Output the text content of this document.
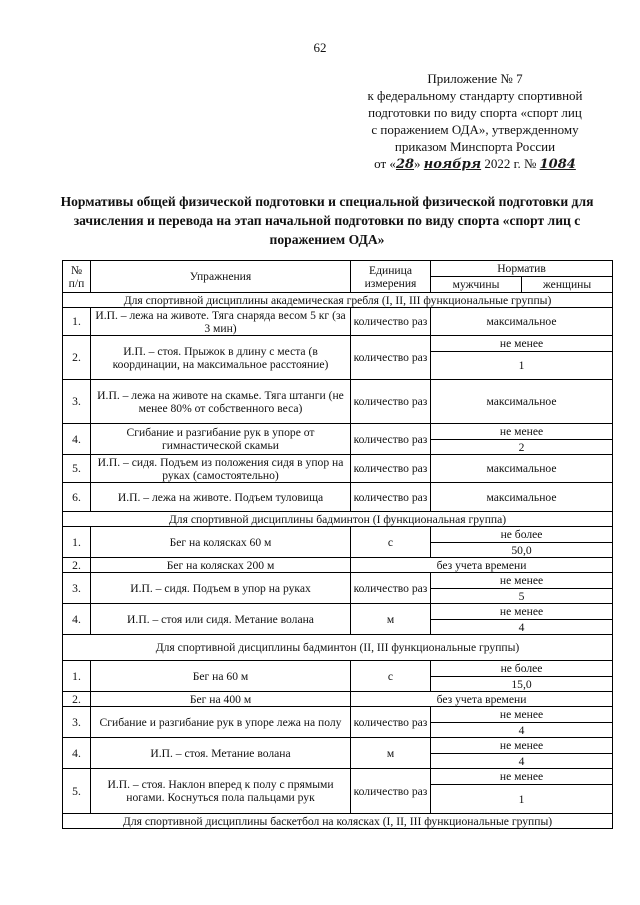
62
Приложение № 7
к федеральному стандарту спортивной
подготовки по виду спорта «спорт лиц
с поражением ОДА», утвержденному
приказом Минспорта России
от «28» ноября 2022 г. № 1084
Нормативы общей физической подготовки и специальной физической подготовки для зачисления и перевода на этап начальной подготовки по виду спорта «спорт лиц с поражением ОДА»
№ п/п	Упражнения	Единица измерения	Норматив	
			мужчины	женщины
Для спортивной дисциплины академическая гребля (I, II, III функциональные группы)				
1.	И.П. – лежа на животе. Тяга снаряда весом 5 кг (за 3 мин)	количество раз	максимальное	
2.	И.П. – стоя. Прыжок в длину с места (в координации, на максимальное расстояние)	количество раз	не менее	
			1	
3.	И.П. – лежа на животе на скамье. Тяга штанги (не менее 80% от собственного веса)	количество раз	максимальное	
4.	Сгибание и разгибание рук в упоре от гимнастической скамьи	количество раз	не менее	
			2	
5.	И.П. – сидя. Подъем из положения сидя в упор на руках (самостоятельно)	количество раз	максимальное	
6.	И.П. – лежа на животе. Подъем туловища	количество раз	максимальное	
Для спортивной дисциплины бадминтон (I функциональная группа)				
1.	Бег на колясках 60 м	с	не более	
			50,0	
2.	Бег на колясках 200 м	без учета времени		
3.	И.П. – сидя. Подъем в упор на руках	количество раз	не менее	
			5	
4.	И.П. – стоя или сидя. Метание волана	м	не менее	
			4	
Для спортивной дисциплины бадминтон (II, III функциональные группы)				
1.	Бег на 60 м	с	не более	
			15,0	
2.	Бег на 400 м	без учета времени		
3.	Сгибание и разгибание рук в упоре лежа на полу	количество раз	не менее	
			4	
4.	И.П. – стоя. Метание волана	м	не менее	
			4	
5.	И.П. – стоя. Наклон вперед к полу с прямыми ногами. Коснуться пола пальцами рук	количество раз	не менее	
			1	
Для спортивной дисциплины баскетбол на колясках (I, II, III функциональные группы)				
